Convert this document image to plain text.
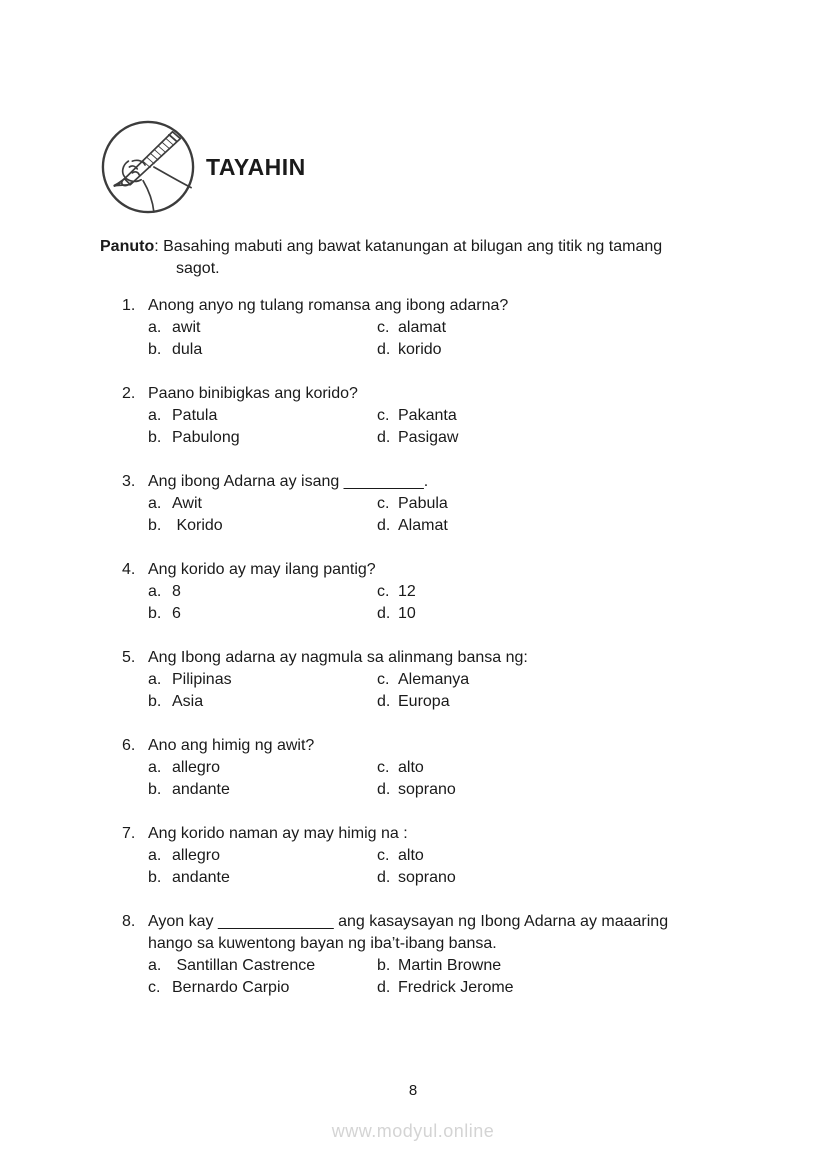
TAYAHIN
Panuto: Basahing mabuti ang bawat katanungan at bilugan ang titik ng tamang
sagot.
1. Anong anyo ng tulang romansa ang ibong adarna?
a. awit	c. alamat
b. dula	d. korido
2. Paano binibigkas ang korido?
a. Patula	c. Pakanta
b. Pabulong	d. Pasigaw
3. Ang ibong Adarna ay isang _________.
a. Awit	c. Pabula
b. Korido	d. Alamat
4. Ang korido ay may ilang pantig?
a. 8	c. 12
b. 6	d. 10
5. Ang Ibong adarna ay nagmula sa alinmang bansa ng:
a. Pilipinas	c. Alemanya
b. Asia	d. Europa
6. Ano ang himig ng awit?
a. allegro	c. alto
b. andante	d. soprano
7. Ang korido naman ay may himig na :
a. allegro	c. alto
b. andante	d. soprano
8. Ayon kay _____________ ang kasaysayan ng Ibong Adarna ay maaaring
hango sa kuwentong bayan ng iba’t-ibang bansa.
a. Santillan Castrence	b. Martin Browne
c. Bernardo Carpio	d. Fredrick Jerome
8
www.modyul.online
